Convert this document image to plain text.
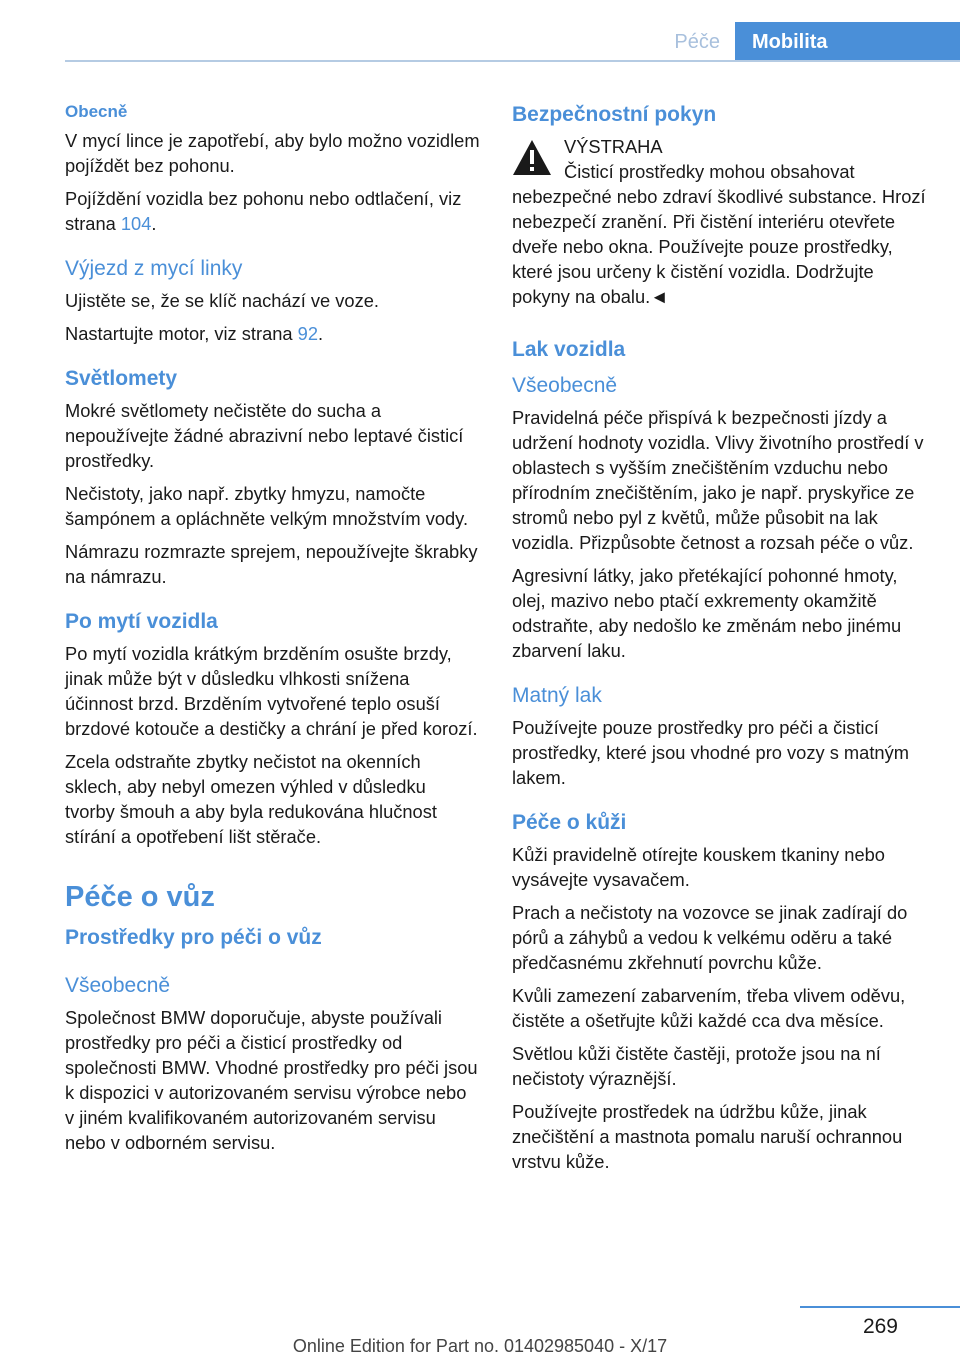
Péče	Mobilita
Obecně

V mycí lince je zapotřebí, aby bylo možno vozidlem pojíždět bez pohonu.

Pojíždění vozidla bez pohonu nebo odtlačení, viz strana 104.

Výjezd z mycí linky

Ujistěte se, že se klíč nachází ve voze.

Nastartujte motor, viz strana 92.

Světlomety

Mokré světlomety nečistěte do sucha a nepoužívejte žádné abrazivní nebo leptavé čisticí prostředky.

Nečistoty, jako např. zbytky hmyzu, namočte šampónem a opláchněte velkým množstvím vody.

Námrazu rozmrazte sprejem, nepoužívejte škrabky na námrazu.

Po mytí vozidla

Po mytí vozidla krátkým brzděním osušte brzdy, jinak může být v důsledku vlhkosti snížena účinnost brzd. Brzděním vytvořené teplo osuší brzdové kotouče a destičky a chrání je před korozí.

Zcela odstraňte zbytky nečistot na okenních sklech, aby nebyl omezen výhled v důsledku tvorby šmouh a aby byla redukována hlučnost stírání a opotřebení lišt stěrače.

Péče o vůz
Prostředky pro péči o vůz
Všeobecně

Společnost BMW doporučuje, abyste používali prostředky pro péči a čisticí prostředky od společnosti BMW. Vhodné prostředky pro péči jsou k dispozici v autorizovaném servisu výrobce nebo v jiném kvalifikovaném autorizovaném servisu nebo v odborném servisu.

Bezpečnostní pokyn

VÝSTRAHA
Čisticí prostředky mohou obsahovat nebezpečné nebo zdraví škodlivé substance. Hrozí nebezpečí zranění. Při čistění interiéru otevřete dveře nebo okna. Používejte pouze prostředky, které jsou určeny k čistění vozidla. Dodržujte pokyny na obalu.◄

Lak vozidla
Všeobecně

Pravidelná péče přispívá k bezpečnosti jízdy a udržení hodnoty vozidla. Vlivy životního prostředí v oblastech s vyšším znečištěním vzduchu nebo přírodním znečištěním, jako je např. pryskyřice ze stromů nebo pyl z květů, může působit na lak vozidla. Přizpůsobte četnost a rozsah péče o vůz.

Agresivní látky, jako přetékající pohonné hmoty, olej, mazivo nebo ptačí exkrementy okamžitě odstraňte, aby nedošlo ke změnám nebo jinému zbarvení laku.

Matný lak

Používejte pouze prostředky pro péči a čisticí prostředky, které jsou vhodné pro vozy s matným lakem.

Péče o kůži

Kůži pravidelně otírejte kouskem tkaniny nebo vysávejte vysavačem.

Prach a nečistoty na vozovce se jinak zadírají do pórů a záhybů a vedou k velkému oděru a také předčasnému zkřehnutí povrchu kůže.

Kvůli zamezení zabarvením, třeba vlivem oděvu, čistěte a ošetřujte kůži každé cca dva měsíce.

Světlou kůži čistěte častěji, protože jsou na ní nečistoty výraznější.

Používejte prostředek na údržbu kůže, jinak znečištění a mastnota pomalu naruší ochrannou vrstvu kůže.

269
Online Edition for Part no. 01402985040 - X/17
